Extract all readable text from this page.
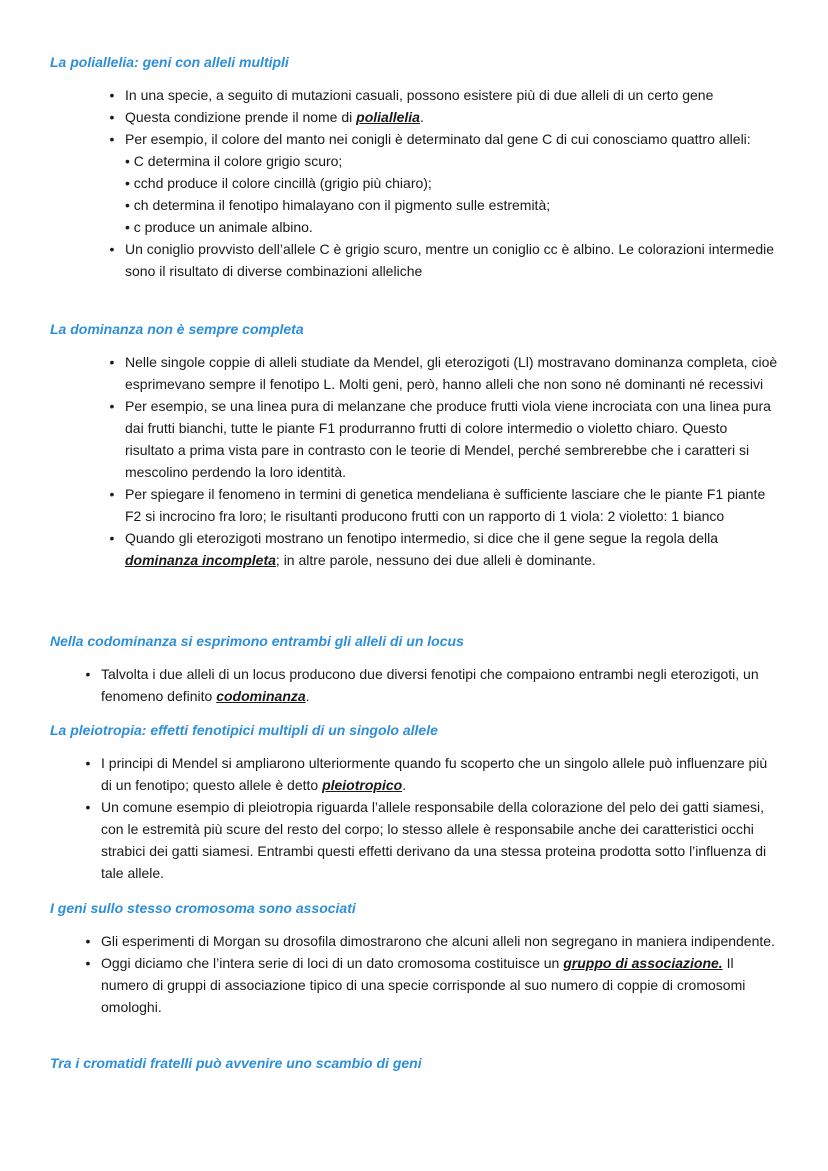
La poliallelia: geni con alleli multipli
• In una specie, a seguito di mutazioni casuali, possono esistere più di due alleli di un certo gene
• Questa condizione prende il nome di poliallelia.
• Per esempio, il colore del manto nei conigli è determinato dal gene C di cui conosciamo quattro alleli:
• C determina il colore grigio scuro;
• cchd produce il colore cincillà (grigio più chiaro);
• ch determina il fenotipo himalayano con il pigmento sulle estremità;
• c produce un animale albino.
• Un coniglio provvisto dell’allele C è grigio scuro, mentre un coniglio cc è albino. Le colorazioni intermedie sono il risultato di diverse combinazioni alleliche
La dominanza non è sempre completa
• Nelle singole coppie di alleli studiate da Mendel, gli eterozigoti (Ll) mostravano dominanza completa, cioè esprimevano sempre il fenotipo L. Molti geni, però, hanno alleli che non sono né dominanti né recessivi
• Per esempio, se una linea pura di melanzane che produce frutti viola viene incrociata con una linea pura dai frutti bianchi, tutte le piante F1 produrranno frutti di colore intermedio o violetto chiaro. Questo risultato a prima vista pare in contrasto con le teorie di Mendel, perché sembrerebbe che i caratteri si mescolino perdendo la loro identità.
• Per spiegare il fenomeno in termini di genetica mendeliana è sufficiente lasciare che le piante F1 piante F2 si incrocino fra loro; le risultanti producono frutti con un rapporto di 1 viola: 2 violetto: 1 bianco
• Quando gli eterozigoti mostrano un fenotipo intermedio, si dice che il gene segue la regola della dominanza incompleta; in altre parole, nessuno dei due alleli è dominante.
Nella codominanza si esprimono entrambi gli alleli di un locus
• Talvolta i due alleli di un locus producono due diversi fenotipi che compaiono entrambi negli eterozigoti, un fenomeno definito codominanza.
La pleiotropia: effetti fenotipici multipli di un singolo allele
• I principi di Mendel si ampliarono ulteriormente quando fu scoperto che un singolo allele può influenzare più di un fenotipo; questo allele è detto pleiotropico.
• Un comune esempio di pleiotropia riguarda l’allele responsabile della colorazione del pelo dei gatti siamesi, con le estremità più scure del resto del corpo; lo stesso allele è responsabile anche dei caratteristici occhi strabici dei gatti siamesi. Entrambi questi effetti derivano da una stessa proteina prodotta sotto l’influenza di tale allele.
I geni sullo stesso cromosoma sono associati
• Gli esperimenti di Morgan su drosofila dimostrarono che alcuni alleli non segregano in maniera indipendente.
• Oggi diciamo che l’intera serie di loci di un dato cromosoma costituisce un gruppo di associazione. Il numero di gruppi di associazione tipico di una specie corrisponde al suo numero di coppie di cromosomi omologhi.
Tra i cromatidi fratelli può avvenire uno scambio di geni
